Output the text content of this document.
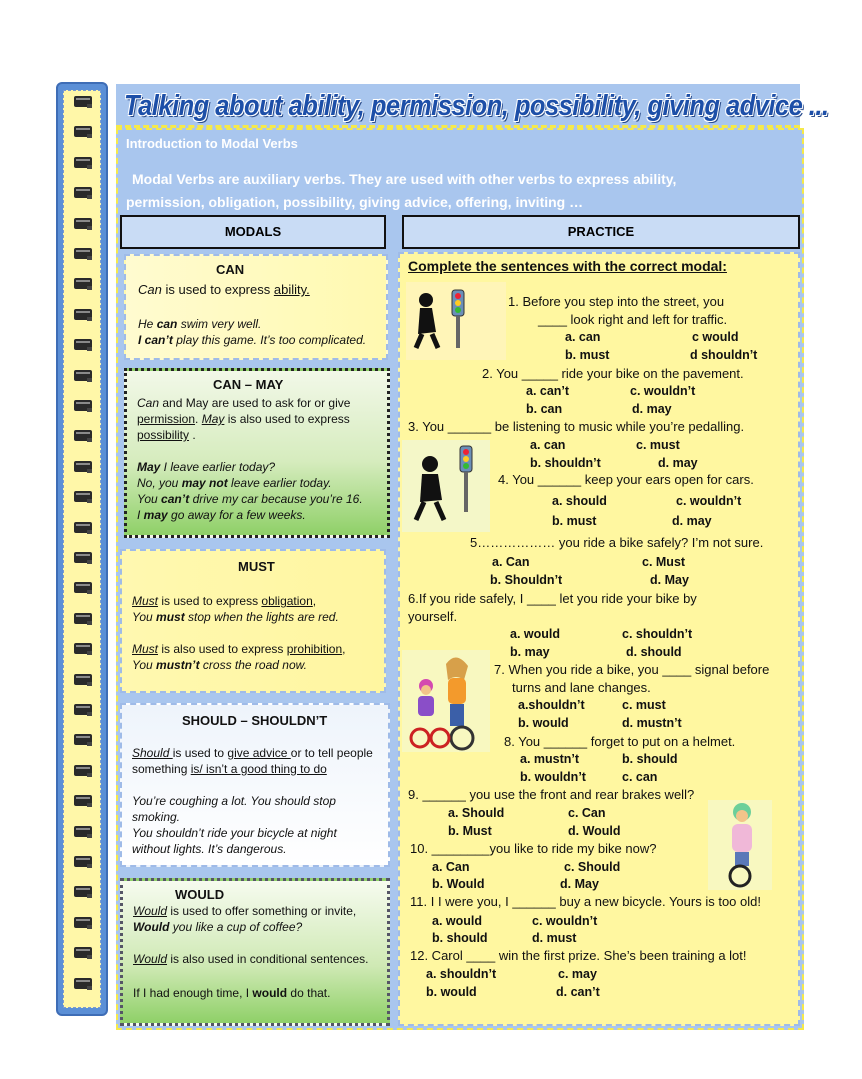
Talking about ability, permission, possibility, giving advice ...
Introduction to Modal Verbs
Modal Verbs are auxiliary verbs. They are used with other verbs to express ability,
permission, obligation, possibility, giving advice, offering, inviting …
MODALS	PRACTICE
CAN
Can is used to express ability.
He can swim very well.
I can’t play this game. It’s too complicated.
CAN – MAY
Can and May are used to ask for or give
permission. May is also used to express
possibility .
May I leave earlier today?
No, you may not leave earlier today.
You can’t drive my car because you’re 16.
I may go away for a few weeks.
MUST
Must is used to express obligation,
You must stop when the lights are red.
Must is also used to express prohibition,
You mustn’t cross the road now.
SHOULD – SHOULDN’T
Should is used to give advice or to tell people
something is/ isn’t a good thing to do
You’re coughing a lot. You should stop
smoking.
You shouldn’t ride your bicycle at night
without lights. It’s dangerous.
WOULD
Would is used to offer something or invite,
Would you like a cup of coffee?
Would is also used in conditional sentences.
If I had enough time, I would do that.
Complete the sentences with the correct modal:
1. Before you step into the street, you
____ look right and left for traffic.
2. You _____ ride your bike on the pavement.
3. You ______ be listening to music while you’re pedalling.
4. You ______ keep your ears open for cars.
5……………… you ride a bike safely? I’m not sure.
6.If you ride safely, I ____ let you ride your bike by
yourself.
7. When you ride a bike, you ____ signal before
turns and lane changes.
8. You ______ forget to put on a helmet.
9. ______ you use the front and rear brakes well?
10. ________you like to ride my bike now?
11. I I were you, I ______ buy a new bicycle. Yours is too old!
12. Carol ____ win the first prize. She’s been training a lot!
a. can	c would
b. must	d shouldn’t
a. can’t	c. wouldn’t
b. can	d. may
a. can	c. must
b. shouldn’t	d. may
a. should	c. wouldn’t
b. must	d. may
a. Can	c. Must
b. Shouldn’t	d. May
a. would	c. shouldn’t
b. may	d. should
a.shouldn’t	c. must
b. would	d. mustn’t
a. mustn’t	b. should
b. wouldn’t	c. can
a. Should	c. Can
b. Must	d. Would
a. Can	c. Should
b. Would	d. May
a. would	c. wouldn’t
b. should	d. must
a. shouldn’t	c. may
b. would	d. can’t
